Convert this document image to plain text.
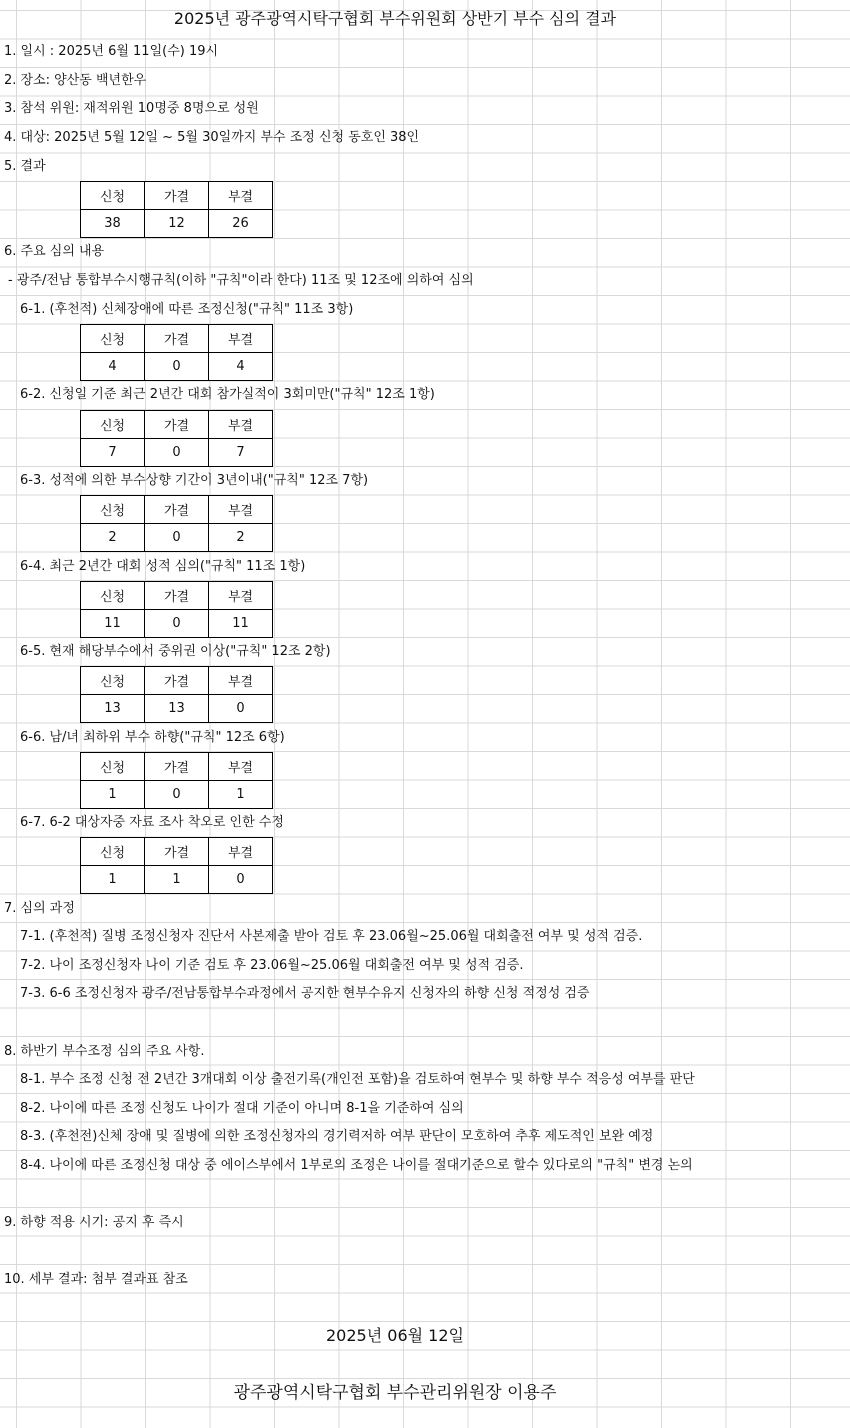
2025년 광주광역시탁구협회 부수위원회 상반기 부수 심의 결과
1. 일시 : 2025년 6월 11일(수) 19시
2. 장소: 양산동 백년한우
3. 참석 위원: 재적위원 10명중 8명으로 성원
4. 대상: 2025년 5월 12일 ~ 5월 30일까지 부수 조정 신청 동호인 38인
5. 결과
신청	가결	부결
38	12	26
6. 주요 심의 내용
- 광주/전남 통합부수시행규칙(이하 "규칙"이라 한다) 11조 및 12조에 의하여 심의
6-1. (후천적) 신체장애에 따른 조정신청("규칙" 11조 3항)
신청	가결	부결
4	0	4
6-2. 신청일 기준 최근 2년간 대회 참가실적이 3회미만("규칙" 12조 1항)
신청	가결	부결
7	0	7
6-3. 성적에 의한 부수상향 기간이 3년이내("규칙" 12조 7항)
신청	가결	부결
2	0	2
6-4. 최근 2년간 대회 성적 심의("규칙" 11조 1항)
신청	가결	부결
11	0	11
6-5. 현재 해당부수에서 중위권 이상("규칙" 12조 2항)
신청	가결	부결
13	13	0
6-6. 남/녀 최하위 부수 하향("규칙" 12조 6항)
신청	가결	부결
1	0	1
6-7. 6-2 대상자중 자료 조사 착오로 인한 수정
신청	가결	부결
1	1	0
7. 심의 과정
7-1. (후천적) 질병 조정신청자 진단서 사본제출 받아 검토 후 23.06월~25.06월 대회출전 여부 및 성적 검증.
7-2. 나이 조정신청자 나이 기준 검토 후 23.06월~25.06월 대회출전 여부 및 성적 검증.
7-3. 6-6 조정신청자 광주/전남통합부수과정에서 공지한 현부수유지 신청자의 하향 신청 적정성 검증
8. 하반기 부수조정 심의 주요 사항.
8-1. 부수 조정 신청 전 2년간 3개대회 이상 출전기록(개인전 포함)을 검토하여 현부수 및 하향 부수 적응성 여부를 판단
8-2. 나이에 따른 조정 신청도 나이가 절대 기준이 아니며 8-1을 기준하여 심의
8-3. (후천전)신체 장애 및 질병에 의한 조정신청자의 경기력저하 여부 판단이 모호하여 추후 제도적인 보완 예정
8-4. 나이에 따른 조정신청 대상 중 에이스부에서 1부로의 조정은 나이를 절대기준으로 할수 있다로의 "규칙" 변경 논의
9. 하향 적용 시기: 공지 후 즉시
10. 세부 결과: 첨부 결과표 참조
2025년 06월 12일
광주광역시탁구협회 부수관리위원장 이용주
